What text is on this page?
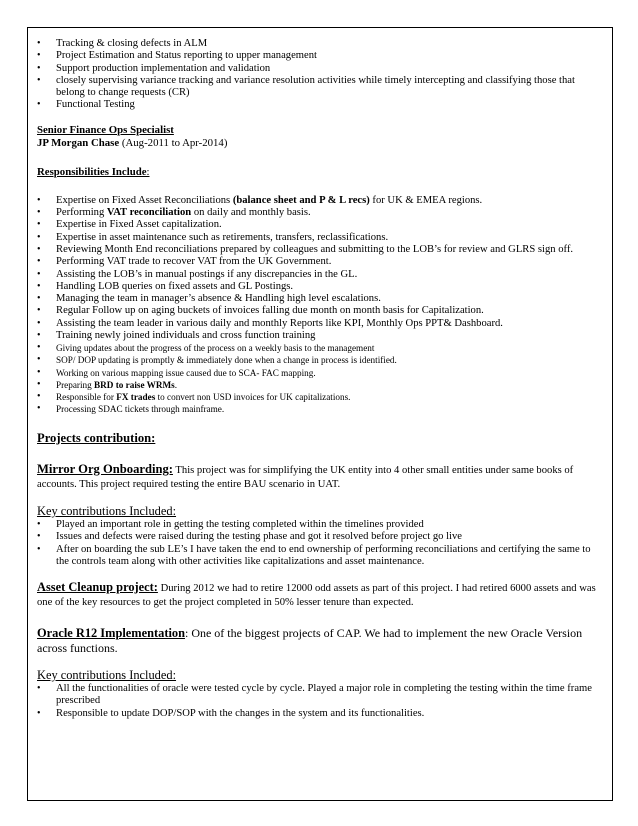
• Tracking & closing defects in ALM
• Project Estimation and Status reporting to upper management
• Support production implementation and validation
• closely supervising variance tracking and variance resolution activities while timely intercepting and classifying those that belong to change requests (CR)
• Functional Testing
Senior Finance Ops Specialist
JP Morgan Chase (Aug-2011 to Apr-2014)
Responsibilities Include:
• Expertise on Fixed Asset Reconciliations (balance sheet and P & L recs) for UK & EMEA regions.
• Performing VAT reconciliation on daily and monthly basis.
• Expertise in Fixed Asset capitalization.
• Expertise in asset maintenance such as retirements, transfers, reclassifications.
• Reviewing Month End reconciliations prepared by colleagues and submitting to the LOB’s for review and GLRS sign off.
• Performing VAT trade to recover VAT from the UK Government.
• Assisting the LOB’s in manual postings if any discrepancies in the GL.
• Handling LOB queries on fixed assets and GL Postings.
• Managing the team in manager’s absence & Handling high level escalations.
• Regular Follow up on aging buckets of invoices falling due month on month basis for Capitalization.
• Assisting the team leader in various daily and monthly Reports like KPI, Monthly Ops PPT& Dashboard.
• Training newly joined individuals and cross function training
• Giving updates about the progress of the process on a weekly basis to the management
• SOP/ DOP updating is promptly & immediately done when a change in process is identified.
• Working on various mapping issue caused due to SCA- FAC mapping.
• Preparing BRD to raise WRMs.
• Responsible for FX trades to convert non USD invoices for UK capitalizations.
• Processing SDAC tickets through mainframe.
Projects contribution:
Mirror Org Onboarding: This project was for simplifying the UK entity into 4 other small entities under same books of accounts. This project required testing the entire BAU scenario in UAT.
Key contributions Included:
• Played an important role in getting the testing completed within the timelines provided
• Issues and defects were raised during the testing phase and got it resolved before project go live
• After on boarding the sub LE’s I have taken the end to end ownership of performing reconciliations and certifying the same to the controls team along with other activities like capitalizations and asset maintenance.
Asset Cleanup project: During 2012 we had to retire 12000 odd assets as part of this project. I had retired 6000 assets and was one of the key resources to get the project completed in 50% lesser tenure than expected.
Oracle R12 Implementation: One of the biggest projects of CAP. We had to implement the new Oracle Version across functions.
Key contributions Included:
• All the functionalities of oracle were tested cycle by cycle. Played a major role in completing the testing within the time frame prescribed
• Responsible to update DOP/SOP with the changes in the system and its functionalities.
